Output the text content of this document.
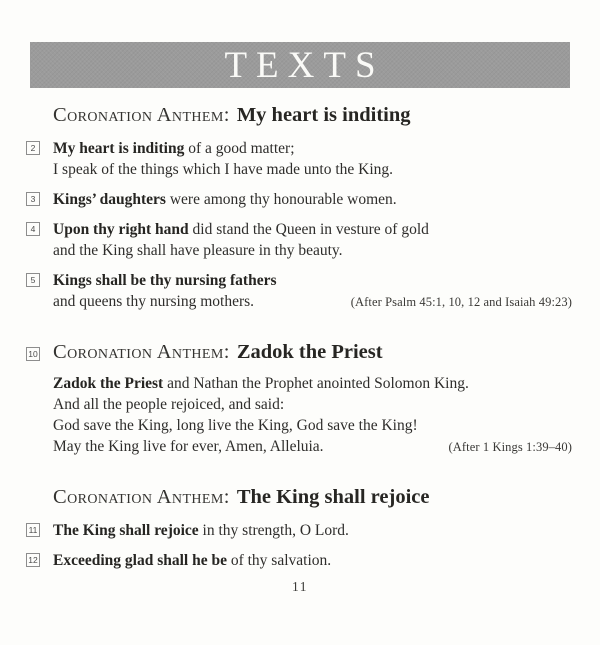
TEXTS
Coronation Anthem: My heart is inditing
2	My heart is inditing of a good matter;
I speak of the things which I have made unto the King.
3	Kings’ daughters were among thy honourable women.
4	Upon thy right hand did stand the Queen in vesture of gold
and the King shall have pleasure in thy beauty.
5	Kings shall be thy nursing fathers
and queens thy nursing mothers.	(After Psalm 45:1, 10, 12 and Isaiah 49:23)
10 Coronation Anthem: Zadok the Priest
Zadok the Priest and Nathan the Prophet anointed Solomon King.
And all the people rejoiced, and said:
God save the King, long live the King, God save the King!
May the King live for ever, Amen, Alleluia.	(After 1 Kings 1:39–40)
Coronation Anthem: The King shall rejoice
11	The King shall rejoice in thy strength, O Lord.
12 Exceeding glad shall he be of thy salvation.
11
